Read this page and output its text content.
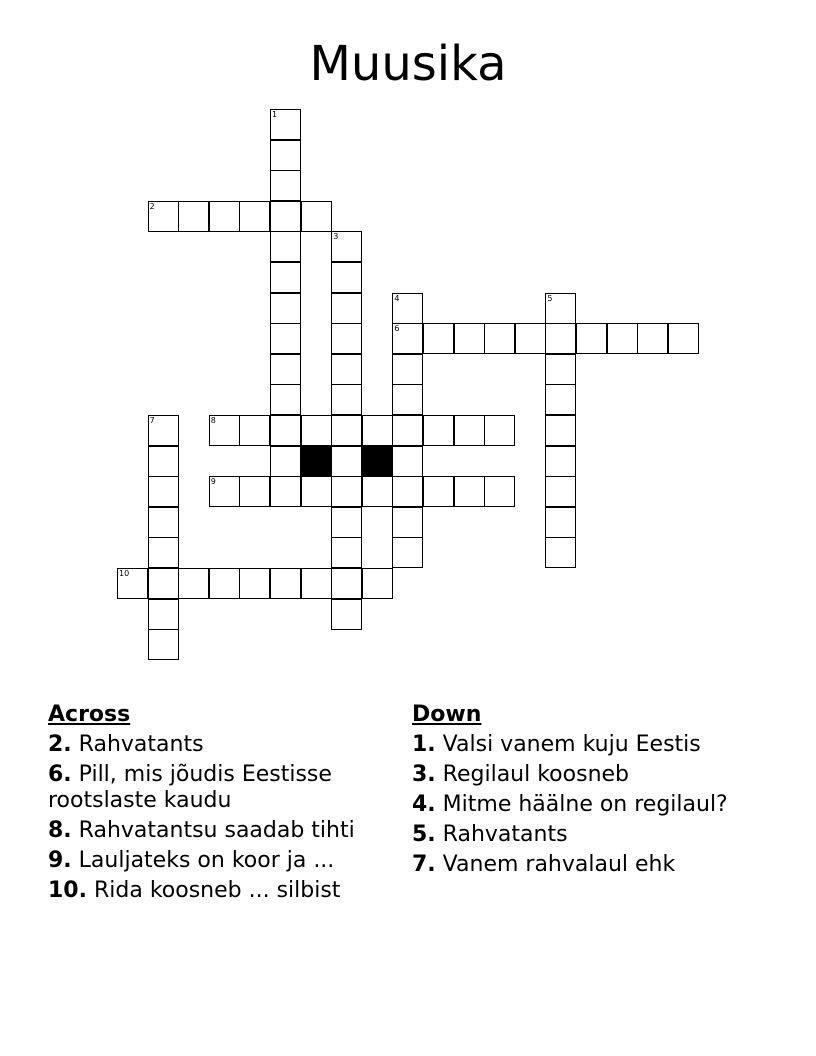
Muusika
1
3
4
6
5
7
2
8
9
10
Across
2. Rahvatants
6. Pill, mis jõudis Eestisse rootslaste kaudu
8. Rahvatantsu saadab tihti
9. Lauljateks on koor ja ...
10. Rida koosneb ... silbist
Down
1. Valsi vanem kuju Eestis
3. Regilaul koosneb
4. Mitme häälne on regilaul?
5. Rahvatants
7. Vanem rahvalaul ehk
